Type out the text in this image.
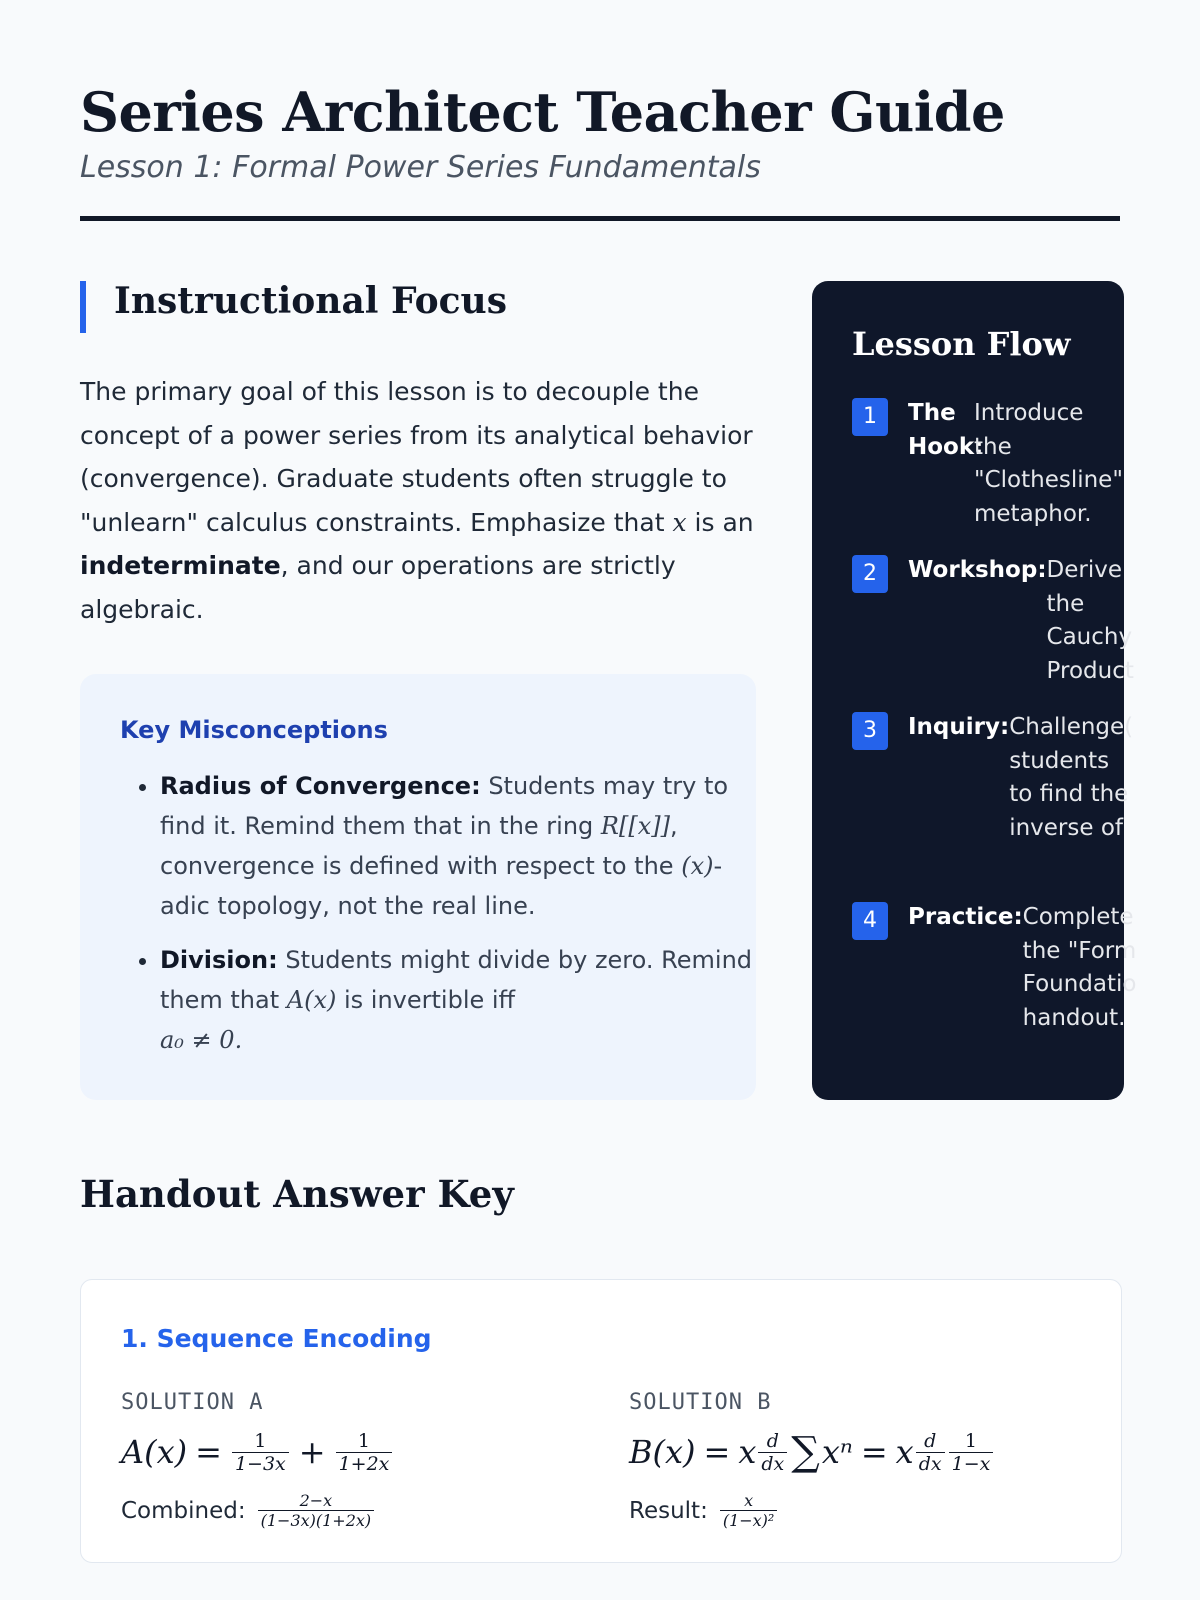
Series Architect Teacher Guide
Lesson 1: Formal Power Series Fundamentals
Instructional Focus

The primary goal of this lesson is to decouple the concept of a power series from its analytical behavior (convergence). Graduate students often struggle to "unlearn" calculus constraints. Emphasize that x is an indeterminate, and our operations are strictly algebraic.

Key Misconceptions
• Radius of Convergence: Students may try to find it. Remind them that in the ring R[[x]], convergence is defined with respect to the (x)-adic topology, not the real line.
• Division: Students might divide by zero. Remind them that A(x) is invertible iff
a₀ ≠ 0.
Lesson Flow
1	The Hook:
Introduce the "Clothesline" metaphor.
2	Workshop: Derive the Cauchy Product
3	Inquiry: Challenge( students to find the inverse of
4	Practice: Complete the "Form Foundatio handout.
Handout Answer Key
1. Sequence Encoding
SOLUTION A
$A(x) = \frac{1}{1-3x} + \frac{1}{1+2x}$
Combined: $\frac{2-x}{(1-3x)(1+2x)}$
SOLUTION B
B(x) = x $\frac{d}{dx}$ ∑ xⁿ = x $\frac{d}{dx} \frac{1}{1-x}$
Result: $\frac{x}{\text{(1−x)²}}$
